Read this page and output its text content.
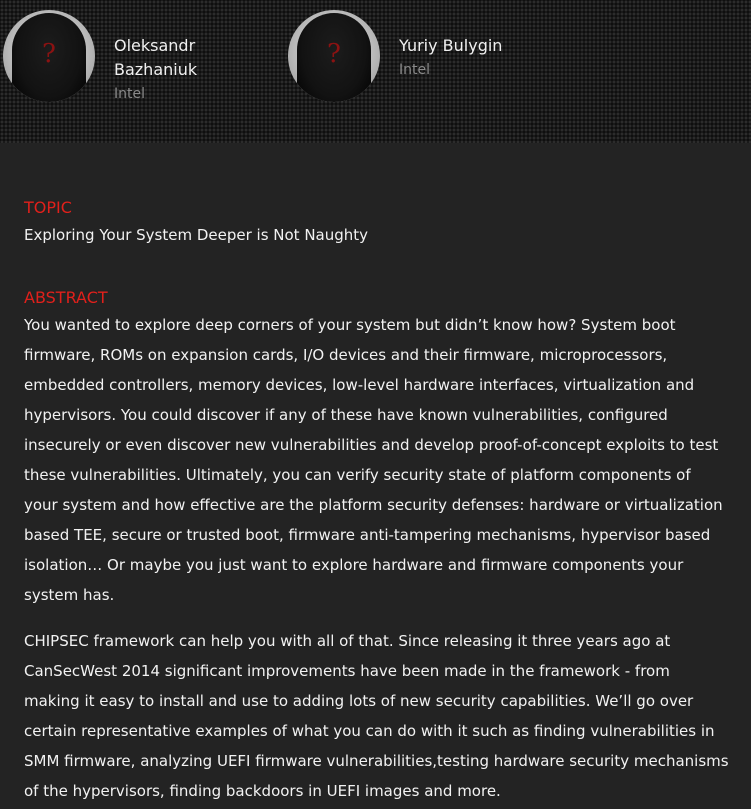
?	Oleksandr
Bazhaniuk

Intel

?	Yuriy Bulygin

Intel

TOPIC

Exploring Your System Deeper is Not Naughty

ABSTRACT

You wanted to explore deep corners of your system but didn’t know how? System boot firmware, ROMs on expansion cards, I/O devices and their firmware, microprocessors, embedded controllers, memory devices, low-level hardware interfaces, virtualization and hypervisors. You could discover if any of these have known vulnerabilities, configured insecurely or even discover new vulnerabilities and develop proof-of-concept exploits to test these vulnerabilities. Ultimately, you can verify security state of platform components of your system and how effective are the platform security defenses: hardware or virtualization based TEE, secure or trusted boot, firmware anti-tampering mechanisms, hypervisor based isolation… Or maybe you just want to explore hardware and firmware components your system has.

CHIPSEC framework can help you with all of that. Since releasing it three years ago at CanSecWest 2014 significant improvements have been made in the framework - from making it easy to install and use to adding lots of new security capabilities. We’ll go over certain representative examples of what you can do with it such as finding vulnerabilities in SMM firmware, analyzing UEFI firmware vulnerabilities,testing hardware security mechanisms of the hypervisors, finding backdoors in UEFI images and more.
